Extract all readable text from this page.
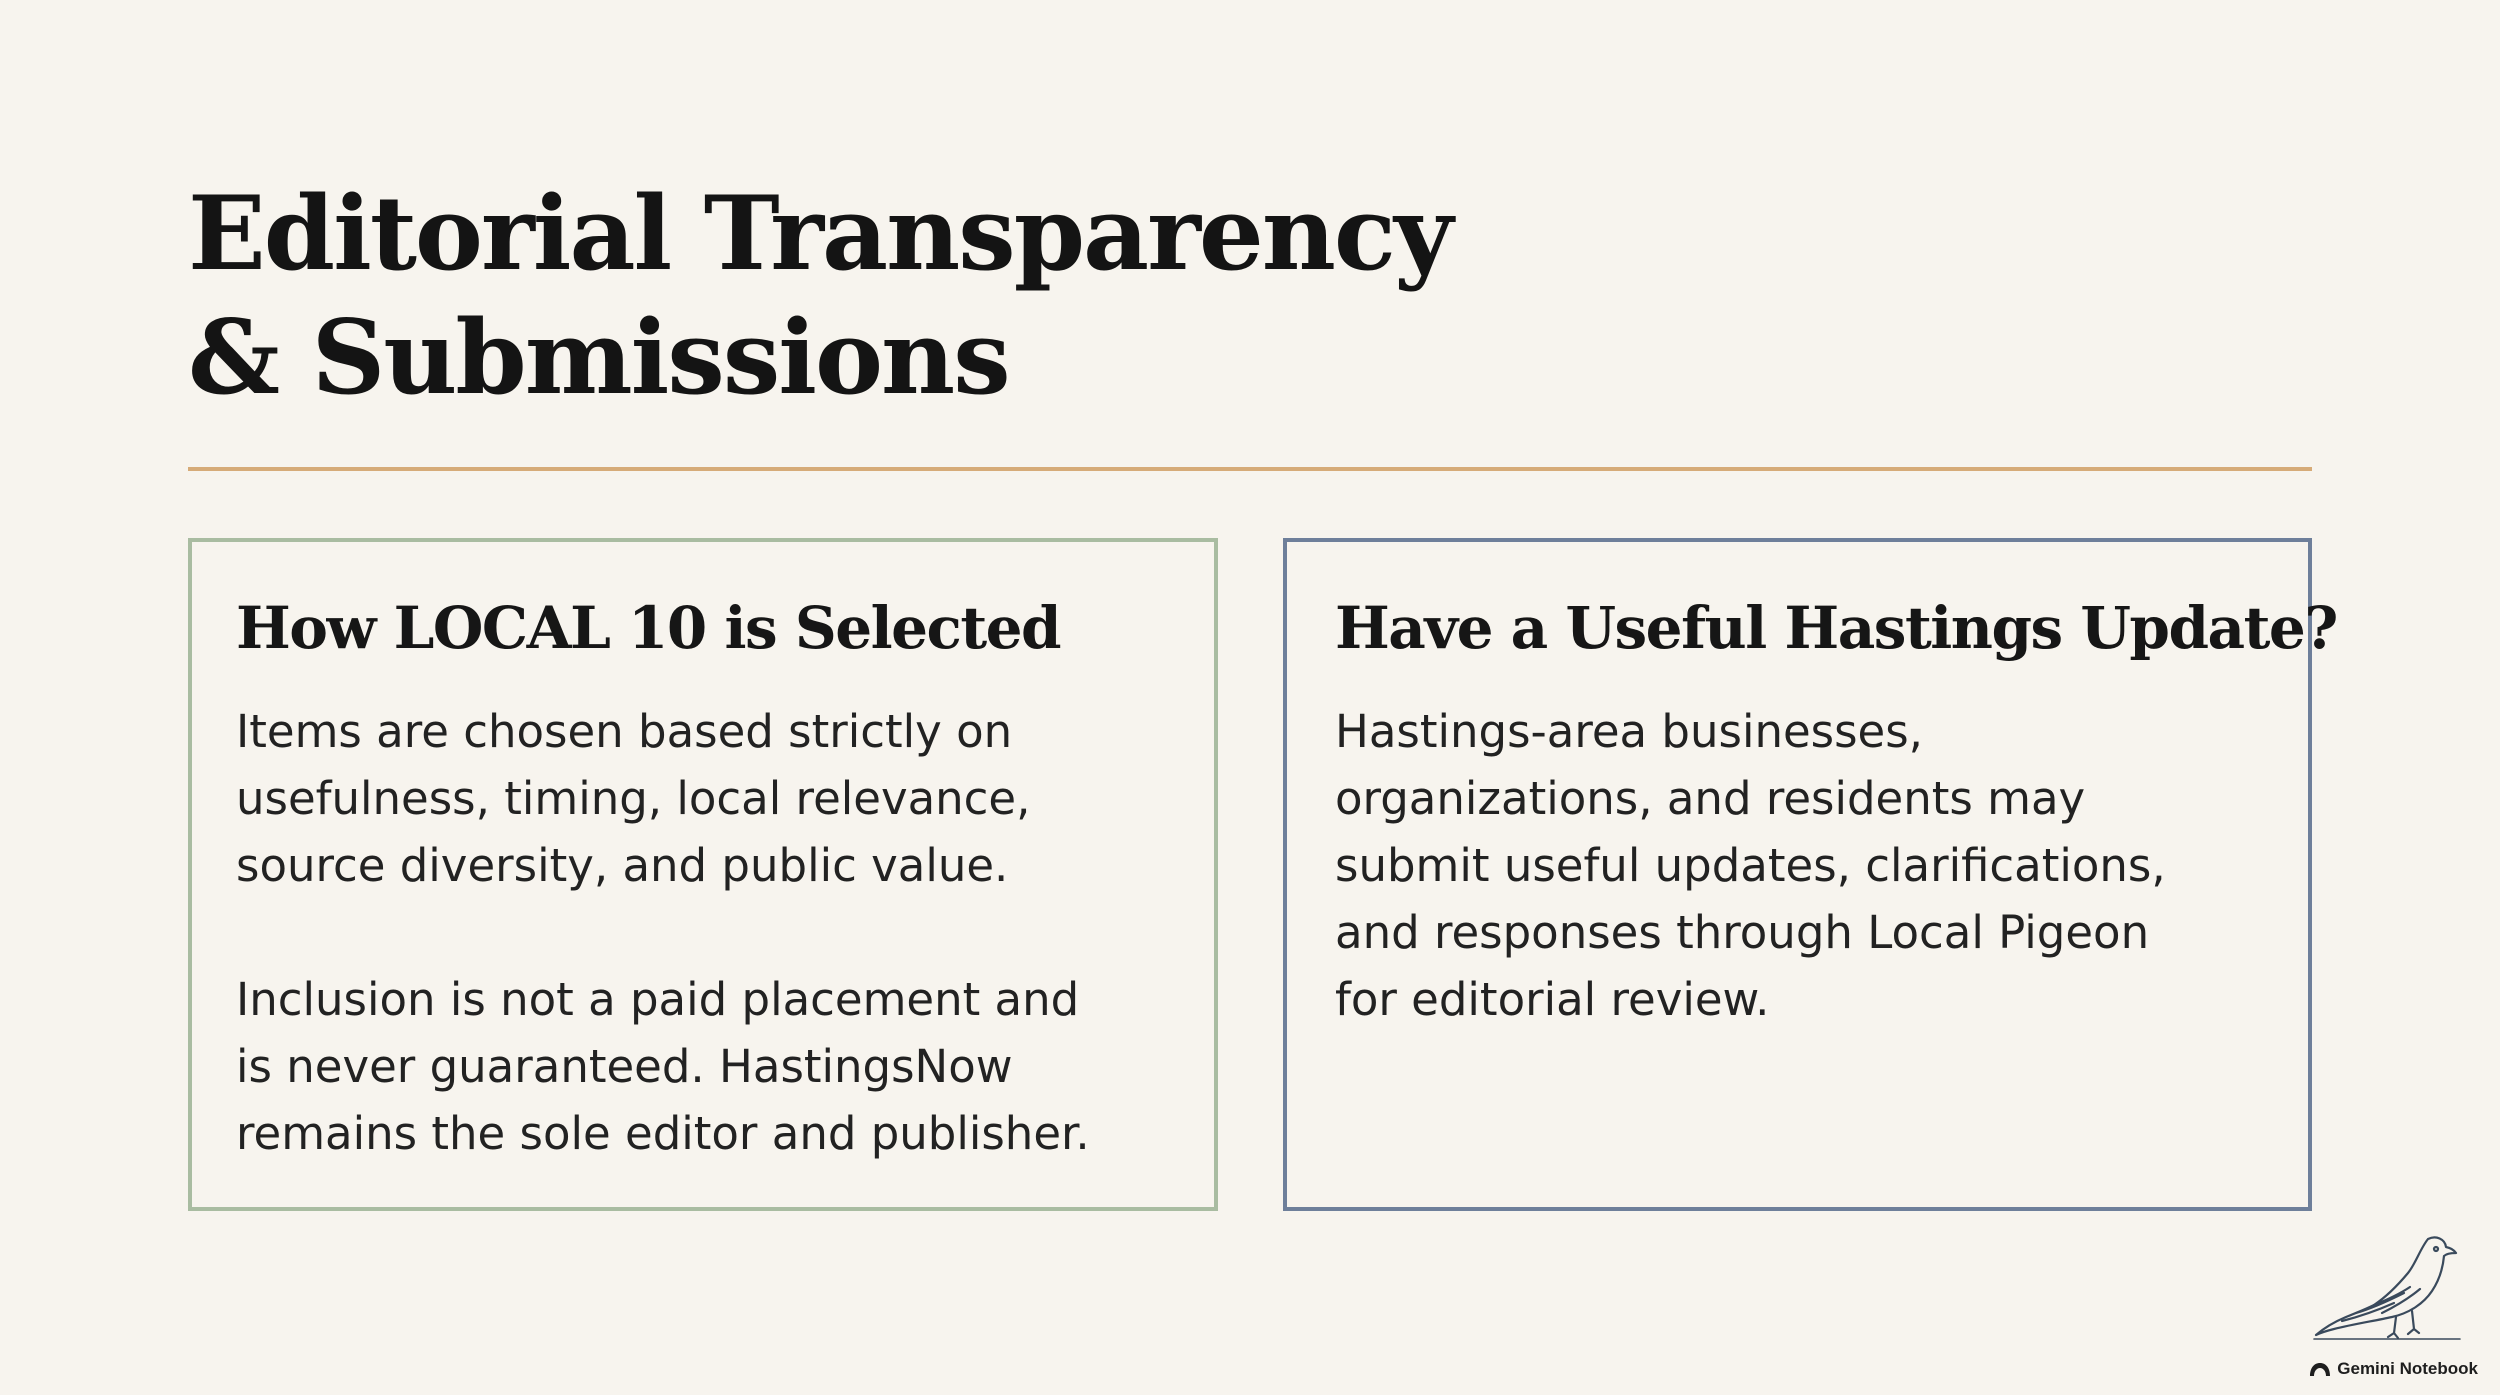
Editorial Transparency
& Submissions
How LOCAL 10 is Selected

Items are chosen based strictly on
usefulness, timing, local relevance,
source diversity, and public value.

Inclusion is not a paid placement and
is never guaranteed. HastingsNow
remains the sole editor and publisher.

Have a Useful Hastings Update?

Hastings-area businesses,
organizations, and residents may
submit useful updates, clarifications,
and responses through Local Pigeon
for editorial review.

Gemini Notebook
